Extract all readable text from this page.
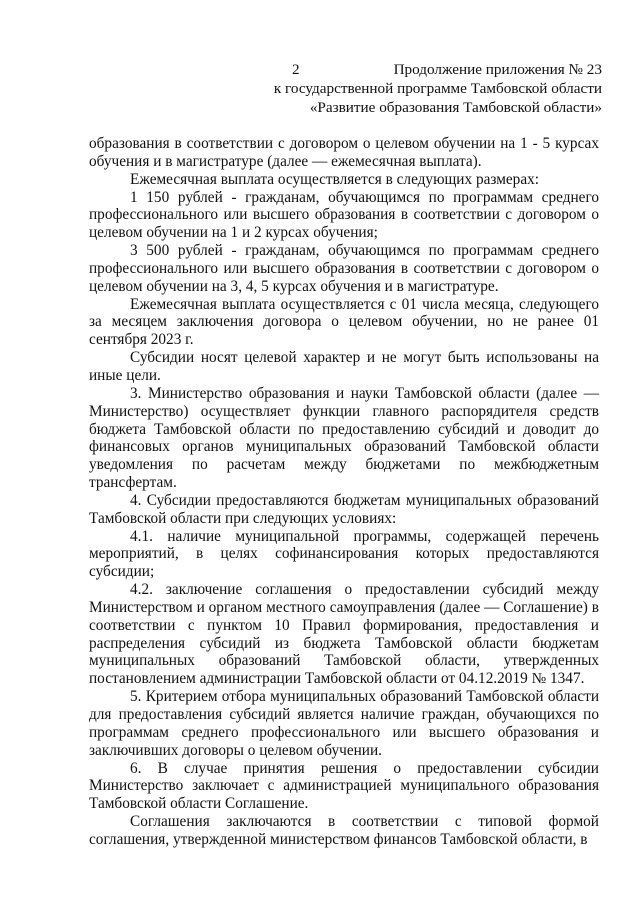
2	Продолжение приложения № 23
к государственной программе Тамбовской области
«Развитие образования Тамбовской области»

образования в соответствии с договором о целевом обучении на 1 - 5 курсах обучения и в магистратуре (далее — ежемесячная выплата).

Ежемесячная выплата осуществляется в следующих размерах:

1 150 рублей - гражданам, обучающимся по программам среднего профессионального или высшего образования в соответствии с договором о целевом обучении на 1 и 2 курсах обучения;

3 500 рублей - гражданам, обучающимся по программам среднего профессионального или высшего образования в соответствии с договором о целевом обучении на 3, 4, 5 курсах обучения и в магистратуре.

Ежемесячная выплата осуществляется с 01 числа месяца, следующего за месяцем заключения договора о целевом обучении, но не ранее 01 сентября 2023 г.

Субсидии носят целевой характер и не могут быть использованы на иные цели.

3. Министерство образования и науки Тамбовской области (далее — Министерство) осуществляет функции главного распорядителя средств бюджета Тамбовской области по предоставлению субсидий и доводит до финансовых органов муниципальных образований Тамбовской области уведомления по расчетам между бюджетами по межбюджетным трансфертам.

4. Субсидии предоставляются бюджетам муниципальных образований Тамбовской области при следующих условиях:

4.1. наличие муниципальной программы, содержащей перечень мероприятий, в целях софинансирования которых предоставляются субсидии;

4.2. заключение соглашения о предоставлении субсидий между Министерством и органом местного самоуправления (далее — Соглашение) в соответствии с пунктом 10 Правил формирования, предоставления и распределения субсидий из бюджета Тамбовской области бюджетам муниципальных образований Тамбовской области, утвержденных постановлением администрации Тамбовской области от 04.12.2019 № 1347.

5. Критерием отбора муниципальных образований Тамбовской области для предоставления субсидий является наличие граждан, обучающихся по программам среднего профессионального или высшего образования и заключивших договоры о целевом обучении.

6. В случае принятия решения о предоставлении субсидии Министерство заключает с администрацией муниципального образования Тамбовской области Соглашение.

Соглашения заключаются в соответствии с типовой формой соглашения, утвержденной министерством финансов Тамбовской области, в
